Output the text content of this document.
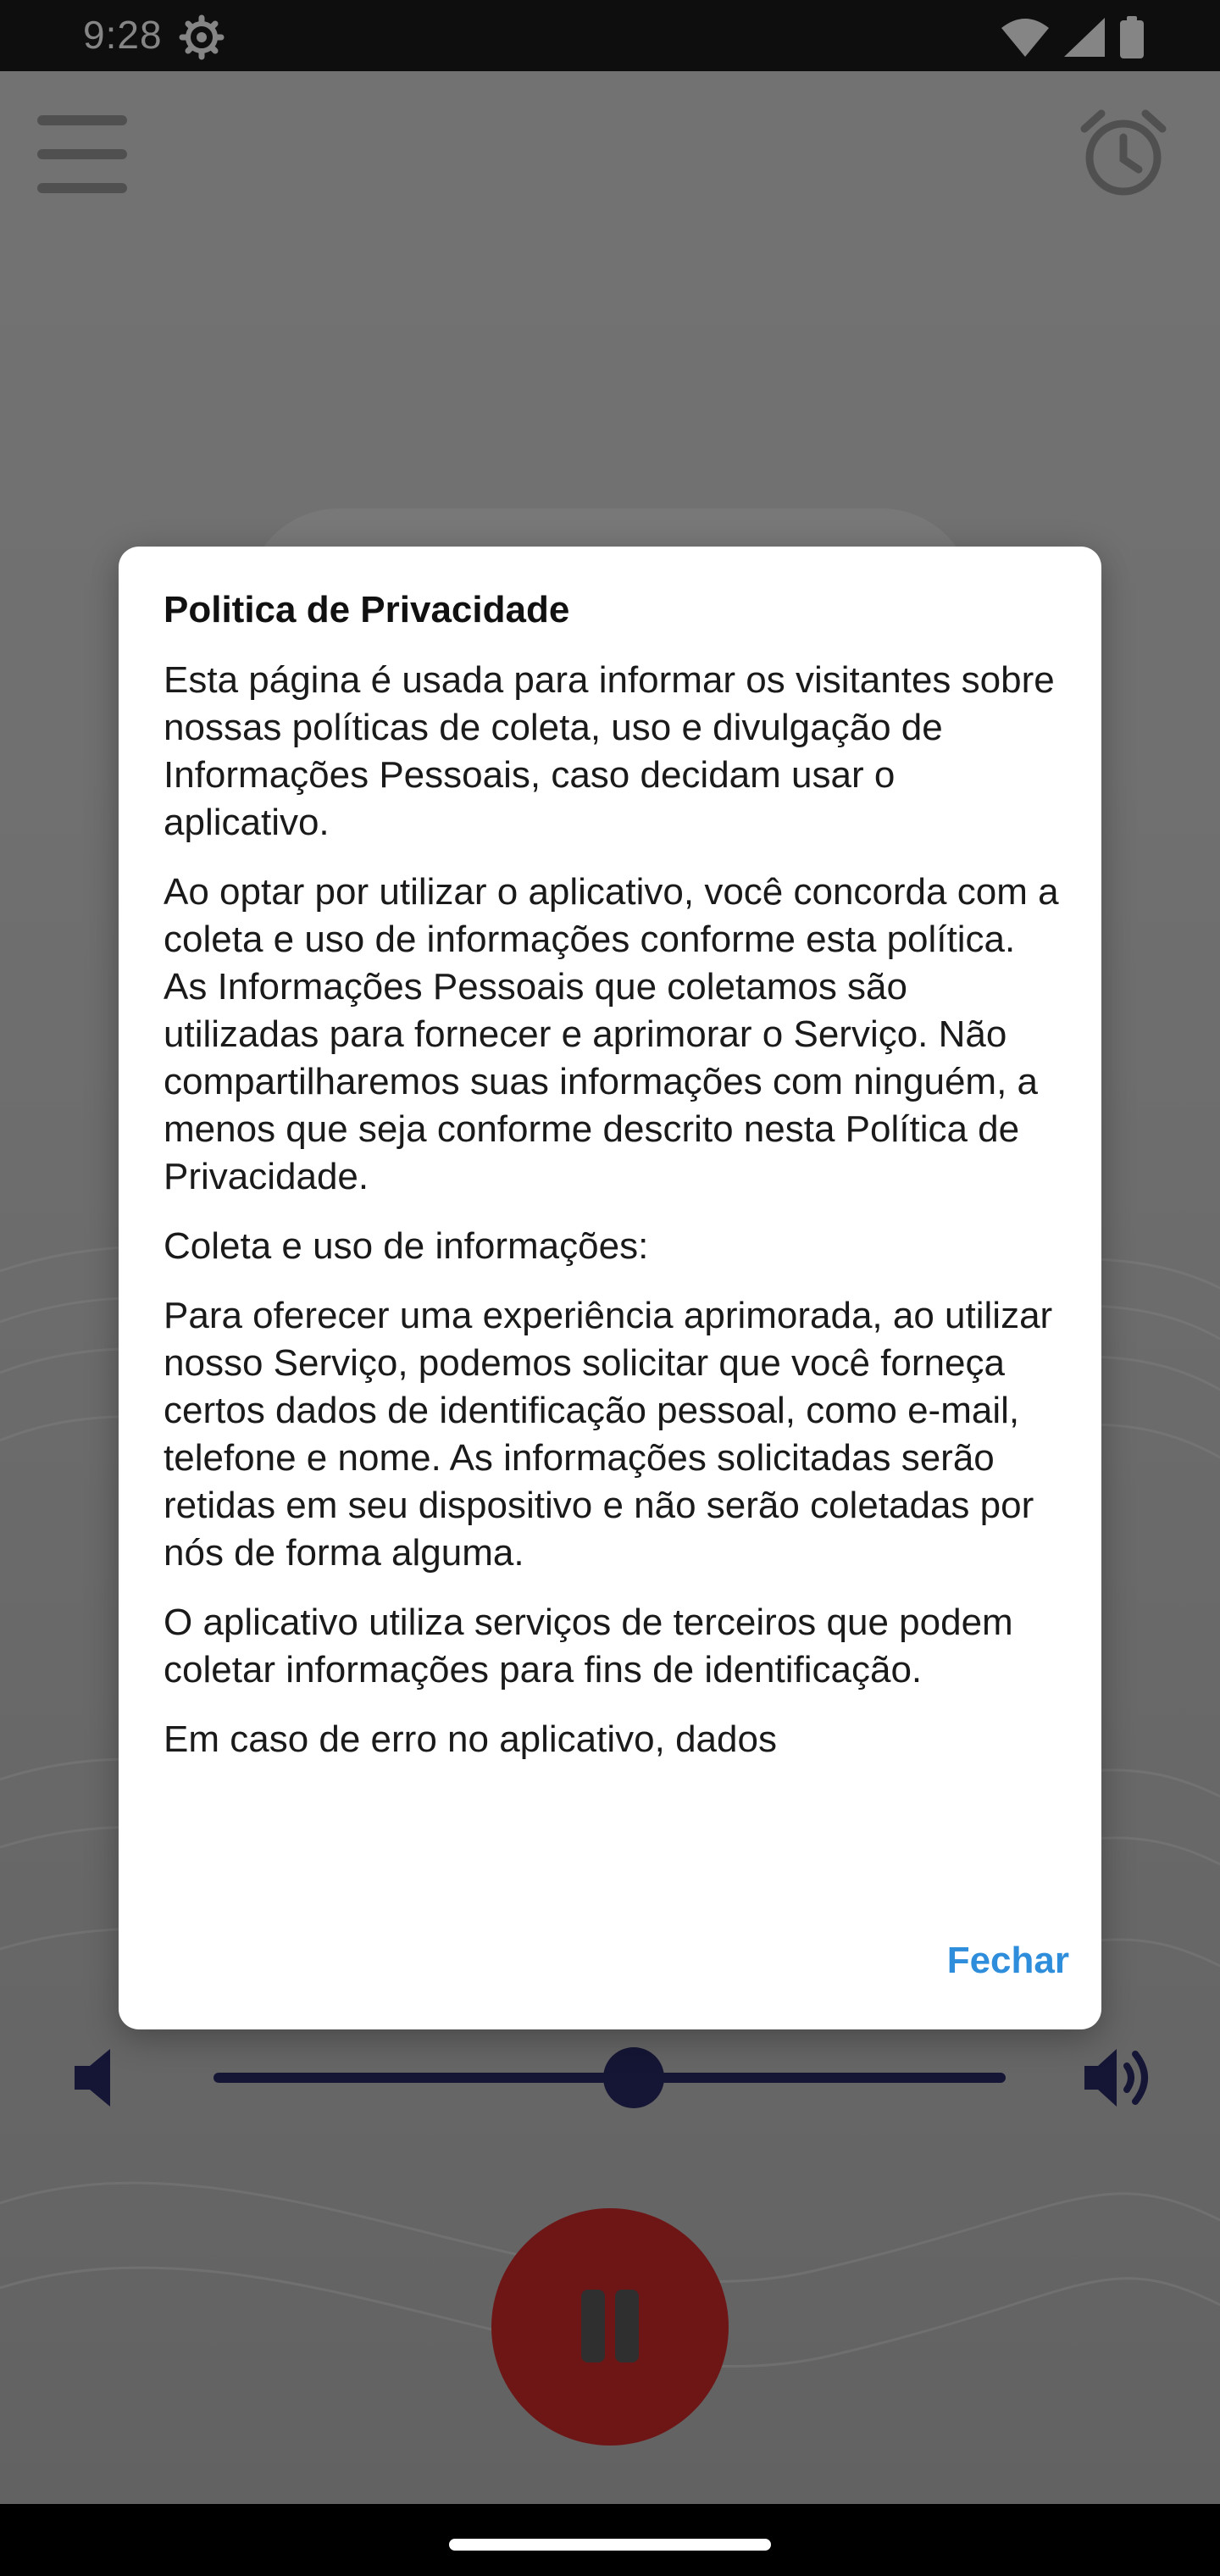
9:28
Politica de Privacidade

Esta página é usada para informar os visitantes sobre nossas políticas de coleta, uso e divulgação de Informações Pessoais, caso decidam usar o aplicativo.

Ao optar por utilizar o aplicativo, você concorda com a coleta e uso de informações conforme esta política. As Informações Pessoais que coletamos são utilizadas para fornecer e aprimorar o Serviço. Não compartilharemos suas informações com ninguém, a menos que seja conforme descrito nesta Política de Privacidade.

Coleta e uso de informações:

Para oferecer uma experiência aprimorada, ao utilizar nosso Serviço, podemos solicitar que você forneça certos dados de identificação pessoal, como e-mail, telefone e nome. As informações solicitadas serão retidas em seu dispositivo e não serão coletadas por nós de forma alguma.

O aplicativo utiliza serviços de terceiros que podem coletar informações para fins de identificação.

Em caso de erro no aplicativo, dados

Fechar
